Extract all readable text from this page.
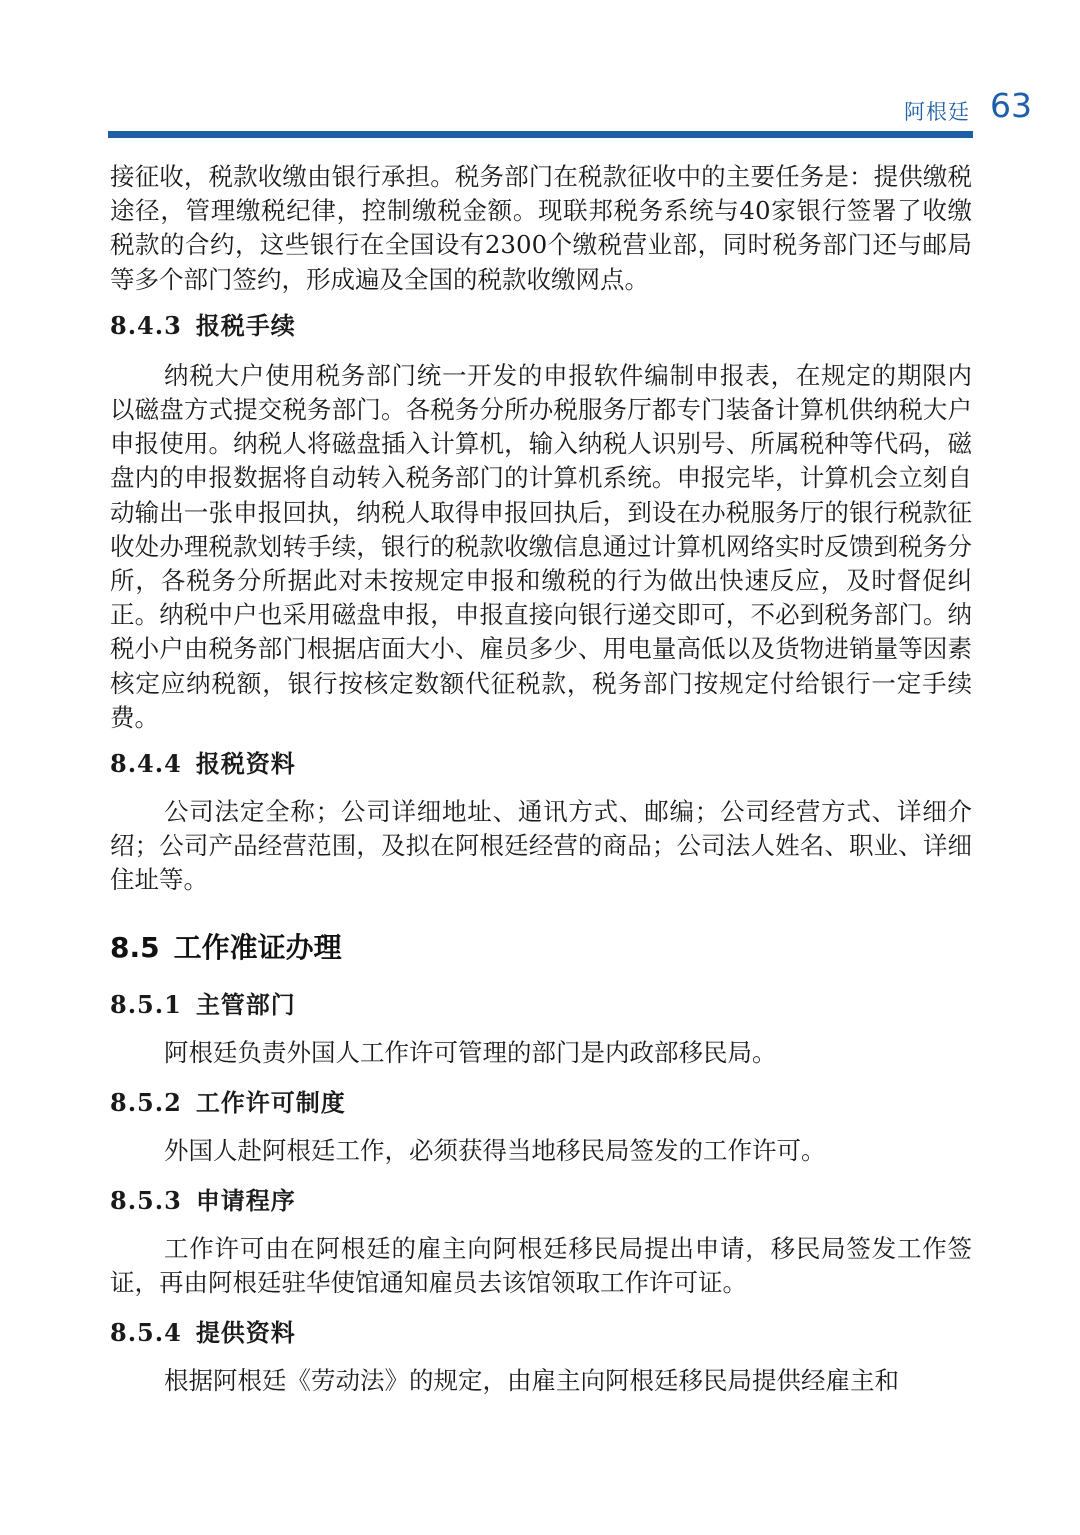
阿根廷 63

接征收，税款收缴由银行承担。税务部门在税款征收中的主要任务是：提供缴税途径，管理缴税纪律，控制缴税金额。现联邦税务系统与40家银行签署了收缴税款的合约，这些银行在全国设有2300个缴税营业部，同时税务部门还与邮局等多个部门签约，形成遍及全国的税款收缴网点。

8.4.3 报税手续

纳税大户使用税务部门统一开发的申报软件编制申报表，在规定的期限内以磁盘方式提交税务部门。各税务分所办税服务厅都专门装备计算机供纳税大户申报使用。纳税人将磁盘插入计算机，输入纳税人识别号、所属税种等代码，磁盘内的申报数据将自动转入税务部门的计算机系统。申报完毕，计算机会立刻自动输出一张申报回执，纳税人取得申报回执后，到设在办税服务厅的银行税款征收处办理税款划转手续，银行的税款收缴信息通过计算机网络实时反馈到税务分所，各税务分所据此对未按规定申报和缴税的行为做出快速反应，及时督促纠正。纳税中户也采用磁盘申报，申报直接向银行递交即可，不必到税务部门。纳税小户由税务部门根据店面大小、雇员多少、用电量高低以及货物进销量等因素核定应纳税额，银行按核定数额代征税款，税务部门按规定付给银行一定手续费。

8.4.4 报税资料

公司法定全称；公司详细地址、通讯方式、邮编；公司经营方式、详细介绍；公司产品经营范围，及拟在阿根廷经营的商品；公司法人姓名、职业、详细住址等。

8.5 工作准证办理
8.5.1 主管部门

阿根廷负责外国人工作许可管理的部门是内政部移民局。

8.5.2 工作许可制度

外国人赴阿根廷工作，必须获得当地移民局签发的工作许可。

8.5.3 申请程序

工作许可由在阿根廷的雇主向阿根廷移民局提出申请，移民局签发工作签证，再由阿根廷驻华使馆通知雇员去该馆领取工作许可证。

8.5.4 提供资料

根据阿根廷《劳动法》的规定，由雇主向阿根廷移民局提供经雇主和
